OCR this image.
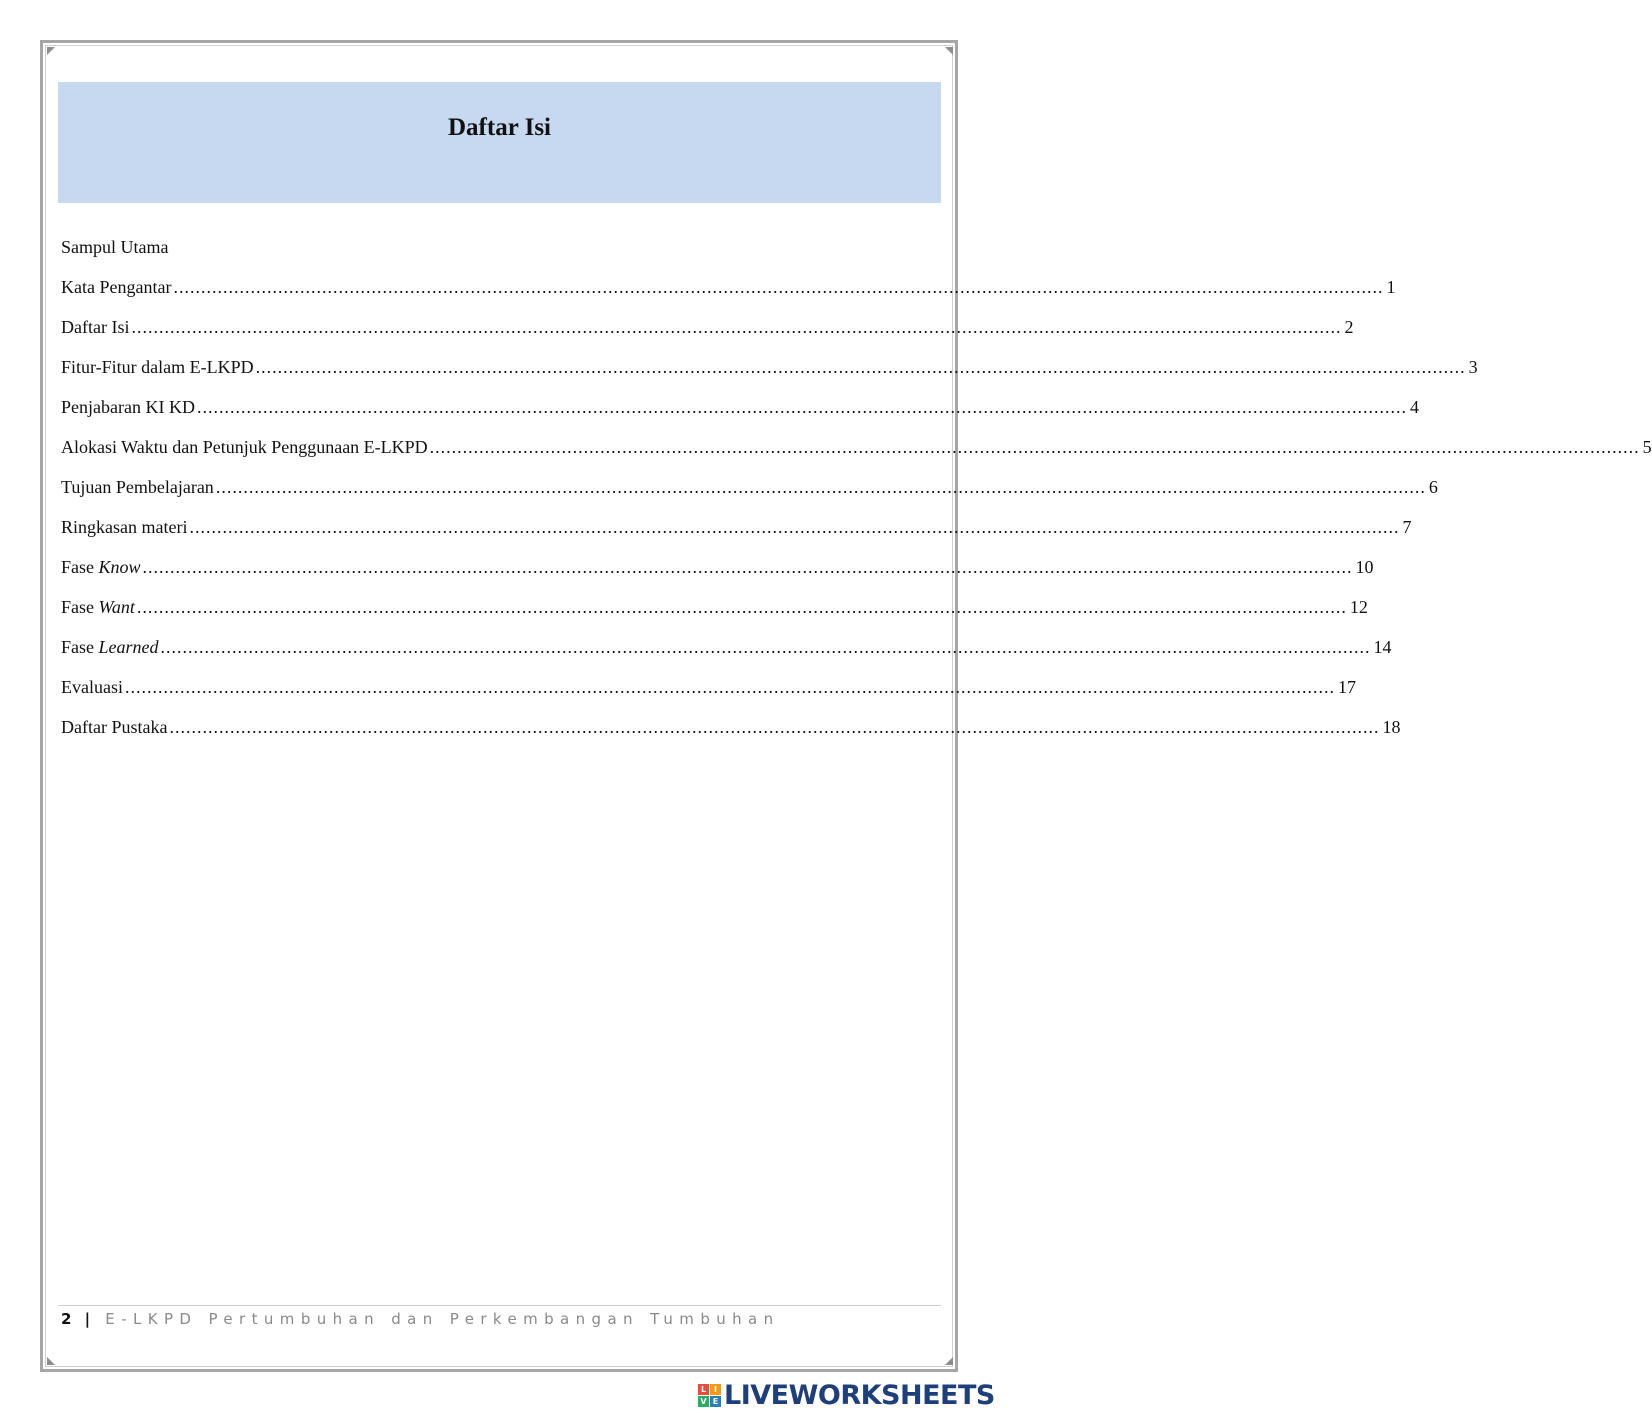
Daftar Isi
Sampul Utama
Kata Pengantar ............................................................................................................................................................................................................................ 1
Daftar Isi ............................................................................................................................................................................................................................ 2
Fitur-Fitur dalam E-LKPD ............................................................................................................................................................................................................................ 3
Penjabaran KI KD ............................................................................................................................................................................................................................ 4
Alokasi Waktu dan Petunjuk Penggunaan E-LKPD ............................................................................................................................................................................................................................ 5
Tujuan Pembelajaran ............................................................................................................................................................................................................................ 6
Ringkasan materi ............................................................................................................................................................................................................................ 7
Fase Know ............................................................................................................................................................................................................................ 10
Fase Want ............................................................................................................................................................................................................................ 12
Fase Learned ............................................................................................................................................................................................................................ 14
Evaluasi ............................................................................................................................................................................................................................ 17
Daftar Pustaka ............................................................................................................................................................................................................................ 18
2 | E-LKPD Pertumbuhan dan Perkembangan Tumbuhan
L I
V E LIVEWORKSHEETS
